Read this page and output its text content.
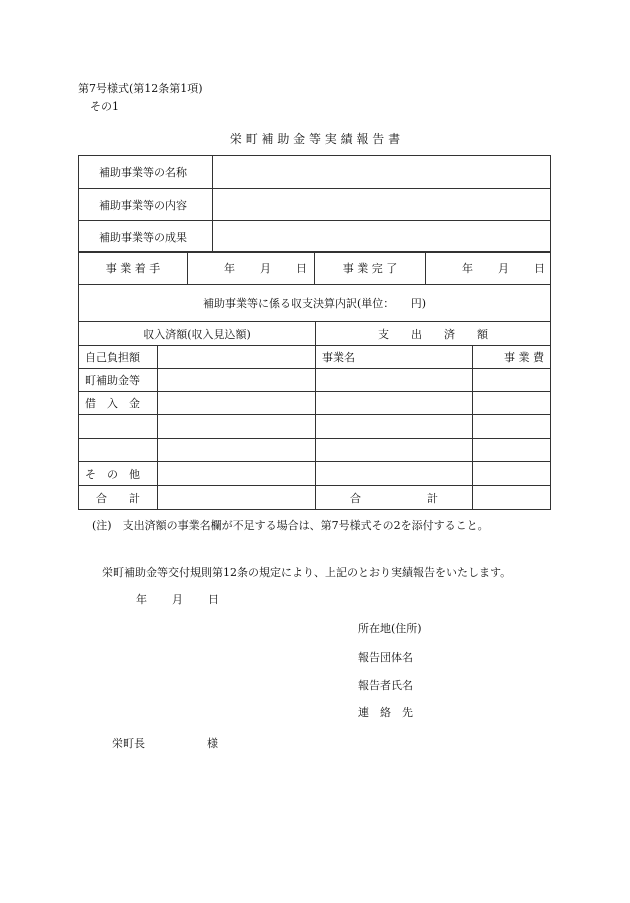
第7号様式(第12条第1項)
その1
栄 町 補 助 金 等 実 績 報 告 書
補助事業等の名称	
補助事業等の内容	
補助事業等の成果	
事 業 着 手	年 月 日	事 業 完 了	年 月 日
補助事業等に係る収支決算内訳(単位：　　円)			
収入済額(収入見込額)		支　　出　　済　　額	
自己負担額		事業名	事 業 費
町補助金等			
借　入　金			

そ　の　他			
合　　計		合　　　　　　計	
(注)　支出済額の事業名欄が不足する場合は、第7号様式その2を添付すること。
栄町補助金等交付規則第12条の規定により、上記のとおり実績報告をいたします。
年 月 日
所在地(住所)
報告団体名
報告者氏名
連　絡　先
栄町長	様
